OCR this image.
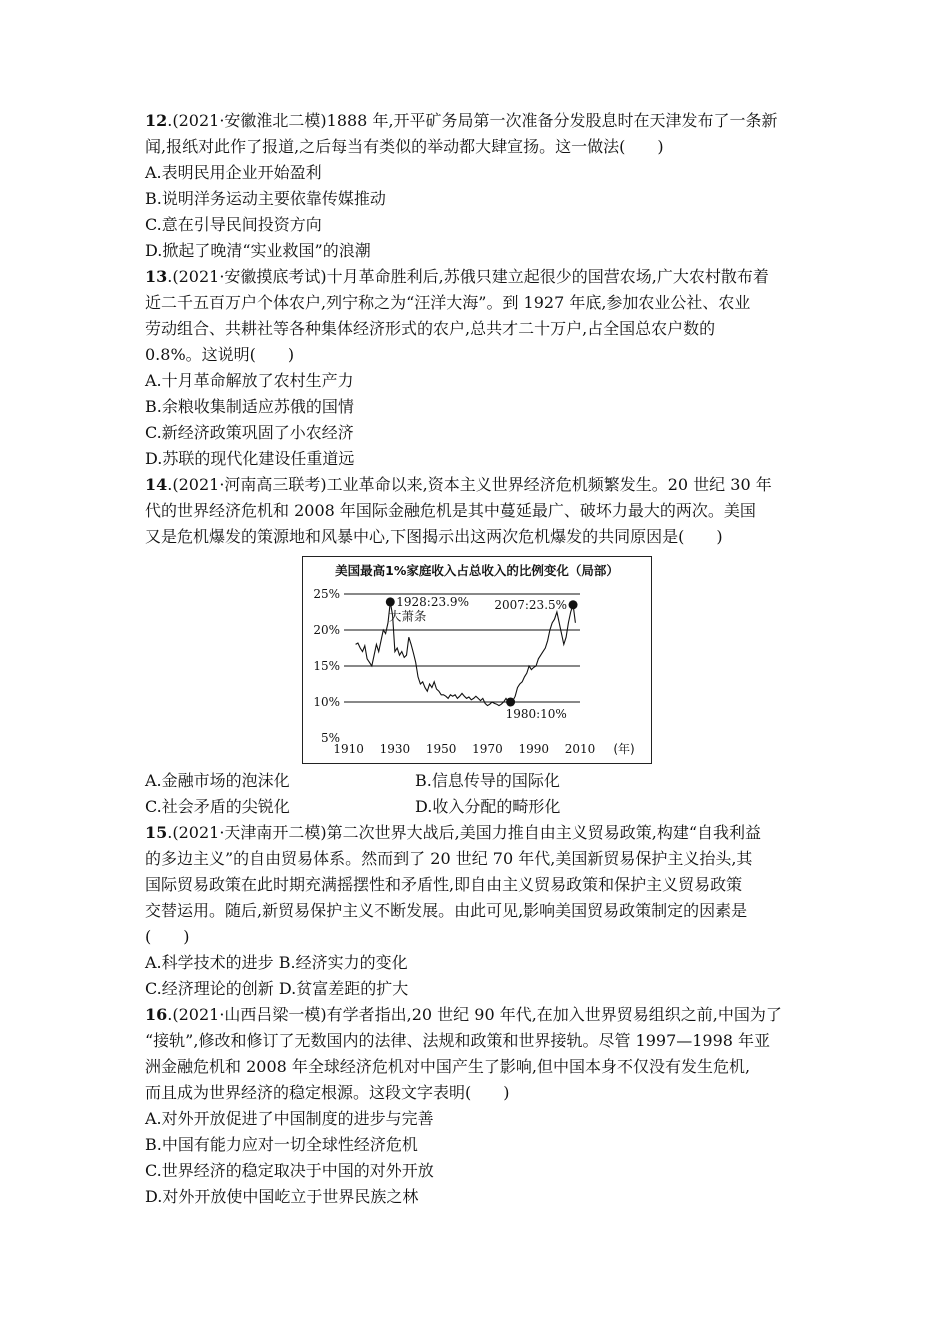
12.(2021·安徽淮北二模)1888 年,开平矿务局第一次准备分发股息时在天津发布了一条新
闻,报纸对此作了报道,之后每当有类似的举动都大肆宣扬。这一做法(　　)
A.表明民用企业开始盈利
B.说明洋务运动主要依靠传媒推动
C.意在引导民间投资方向
D.掀起了晚清“实业救国”的浪潮
13.(2021·安徽摸底考试)十月革命胜利后,苏俄只建立起很少的国营农场,广大农村散布着
近二千五百万户个体农户,列宁称之为“汪洋大海”。到 1927 年底,参加农业公社、农业
劳动组合、共耕社等各种集体经济形式的农户,总共才二十万户,占全国总农户数的
0.8%。这说明(　　)
A.十月革命解放了农村生产力
B.余粮收集制适应苏俄的国情
C.新经济政策巩固了小农经济
D.苏联的现代化建设任重道远
14.(2021·河南高三联考)工业革命以来,资本主义世界经济危机频繁发生。20 世纪 30 年
代的世界经济危机和 2008 年国际金融危机是其中蔓延最广、破坏力最大的两次。美国
又是危机爆发的策源地和风暴中心,下图揭示出这两次危机爆发的共同原因是(　　)
美国最高1%家庭收入占总收入的比例变化（局部）
5%
10%
15%
20%
25%
1910 1930 1950 1970 1990 2010 (年)
1928:23.9% 2007:23.5%
1980:10%
大萧条
A.金融市场的泡沫化	B.信息传导的国际化
C.社会矛盾的尖锐化	D.收入分配的畸形化
15.(2021·天津南开二模)第二次世界大战后,美国力推自由主义贸易政策,构建“自我利益
的多边主义”的自由贸易体系。然而到了 20 世纪 70 年代,美国新贸易保护主义抬头,其
国际贸易政策在此时期充满摇摆性和矛盾性,即自由主义贸易政策和保护主义贸易政策
交替运用。随后,新贸易保护主义不断发展。由此可见,影响美国贸易政策制定的因素是
(　　)
A.科学技术的进步 B.经济实力的变化
C.经济理论的创新 D.贫富差距的扩大
16.(2021·山西吕梁一模)有学者指出,20 世纪 90 年代,在加入世界贸易组织之前,中国为了
“接轨”,修改和修订了无数国内的法律、法规和政策和世界接轨。尽管 1997—1998 年亚
洲金融危机和 2008 年全球经济危机对中国产生了影响,但中国本身不仅没有发生危机,
而且成为世界经济的稳定根源。这段文字表明(　　)
A.对外开放促进了中国制度的进步与完善
B.中国有能力应对一切全球性经济危机
C.世界经济的稳定取决于中国的对外开放
D.对外开放使中国屹立于世界民族之林
